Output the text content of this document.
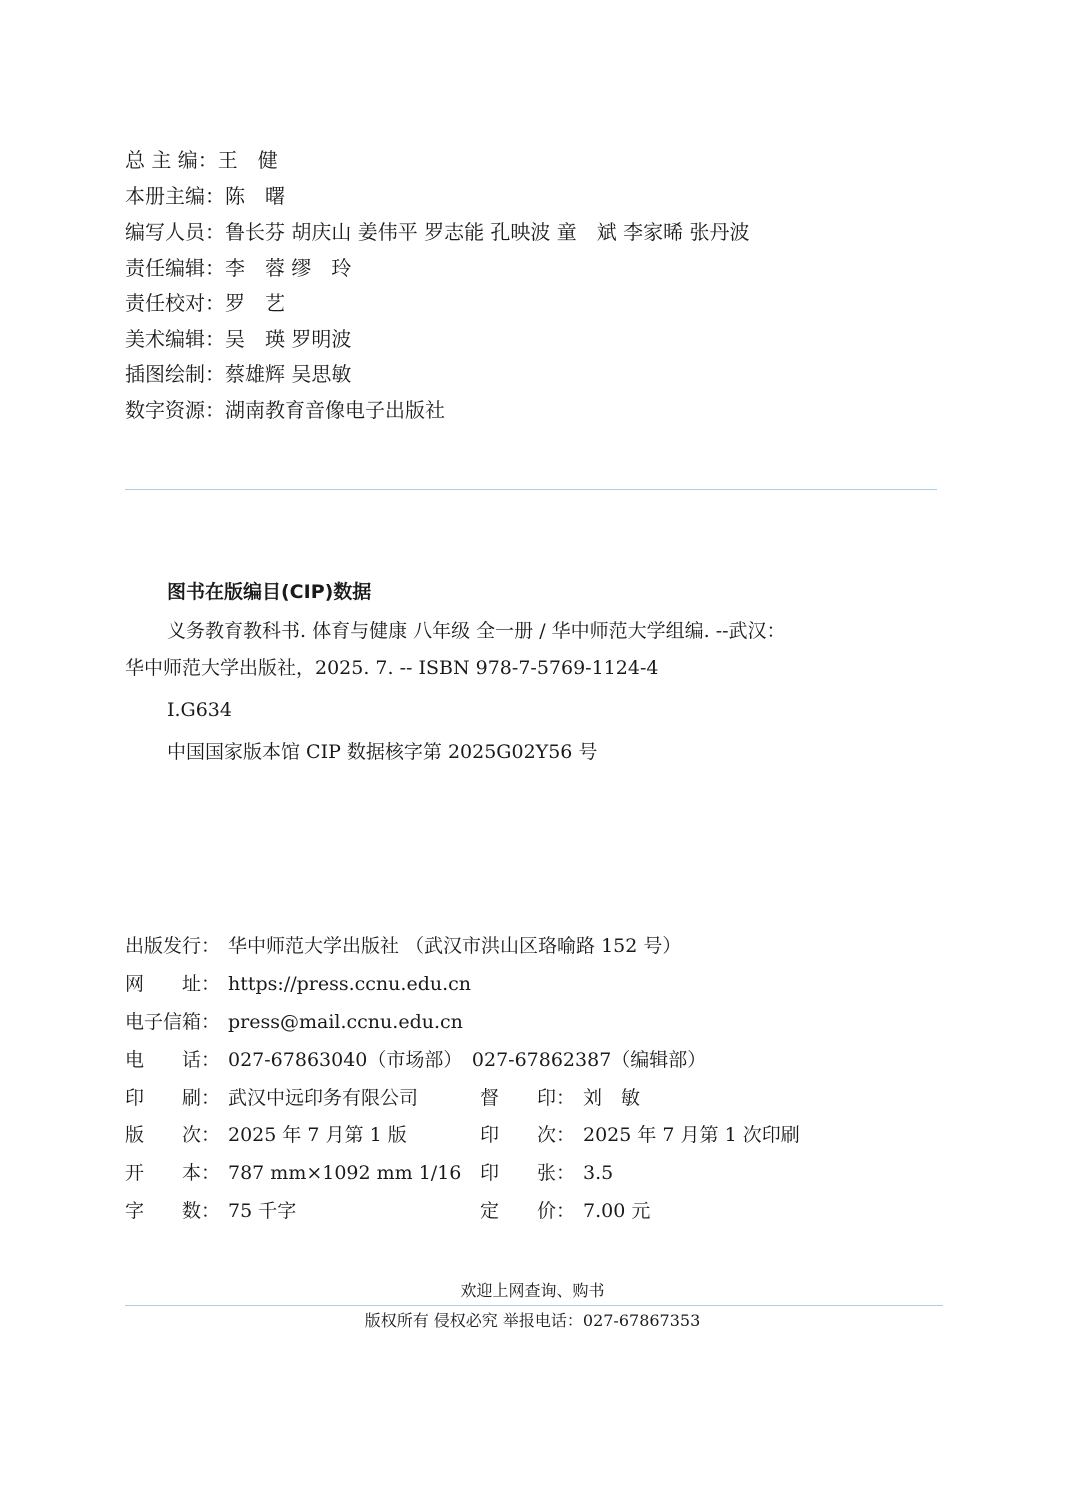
总 主 编：王　健
本册主编：陈　曙
编写人员：鲁长芬 胡庆山 姜伟平 罗志能 孔映波 童　斌 李家晞 张丹波
责任编辑：李　蓉 缪　玲
责任校对：罗　艺
美术编辑：吴　瑛 罗明波
插图绘制：蔡雄辉 吴思敏
数字资源：湖南教育音像电子出版社
图书在版编目(CIP)数据
义务教育教科书. 体育与健康 八年级 全一册 / 华中师范大学组编. --武汉：
华中师范大学出版社，2025. 7. -- ISBN 978-7-5769-1124-4
Ⅰ.G634
中国国家版本馆 CIP 数据核字第 2025G02Y56 号
出版发行： 华中师范大学出版社 （武汉市洪山区珞喻路 152 号）
网　　址： https://press.ccnu.edu.cn
电子信箱： press@mail.ccnu.edu.cn
电　　话： 027-67863040（市场部）　027-67862387（编辑部）
印　　刷： 武汉中远印务有限公司	督　　印： 刘　敏
版　　次： 2025 年 7 月第 1 版	印　　次： 2025 年 7 月第 1 次印刷
开　　本： 787 mm×1092 mm 1/16 印　　张： 3.5
字　　数： 75 千字	定　　价： 7.00 元
欢迎上网查询、购书
版权所有 侵权必究 举报电话：027-67867353
